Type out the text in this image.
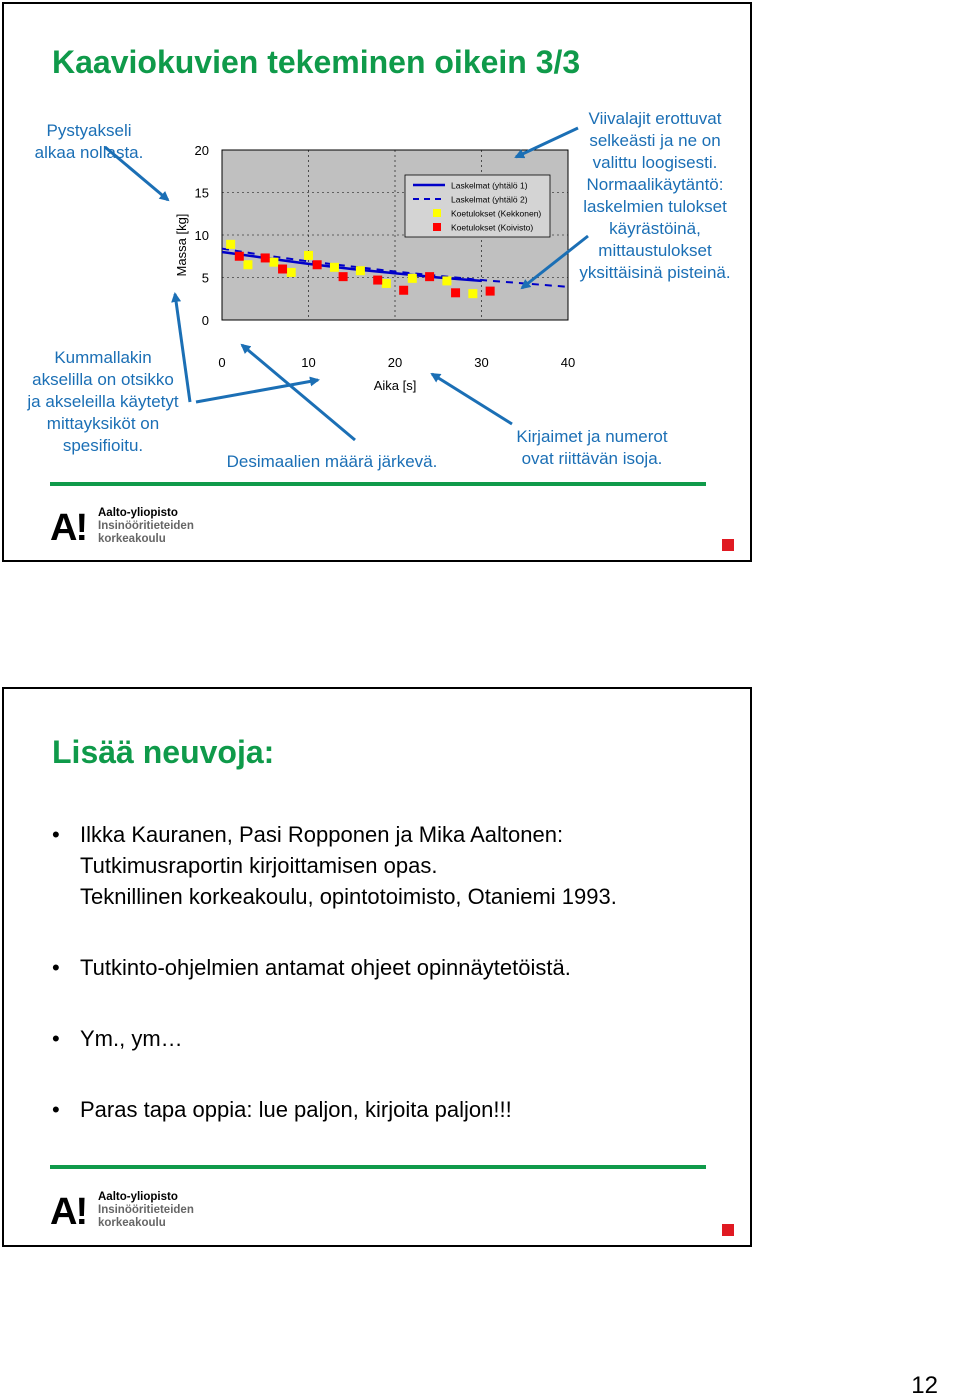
Kaaviokuvien tekeminen oikein 3/3
Pystyakseli
alkaa nollasta.
Kummallakin
akselilla on otsikko
ja akseleilla käytetyt
mittayksiköt on
spesifioitu.
Desimaalien määrä järkevä.
Kirjaimet ja numerot
ovat riittävän isoja.
Viivalajit erottuvat
selkeästi ja ne on
valittu loogisesti.
Normaalikäytäntö:
laskelmien tulokset
käyrästöinä,
mittaustulokset
yksittäisinä pisteinä.
A! Aalto-yliopisto
Insinööritieteiden
korkeakoulu
0	10	20	30	40
0
5
10
15
20
Aika [s]
Massa [kg]
Laskelmat (yhtälö 1)
Laskelmat (yhtälö 2)
Koetulokset (Kekkonen)
Koetulokset (Koivisto)
Lisää neuvoja:
• Ilkka Kauranen, Pasi Ropponen ja Mika Aaltonen:
Tutkimusraportin kirjoittamisen opas.
Teknillinen korkeakoulu, opintotoimisto, Otaniemi 1993.
• Tutkinto-ohjelmien antamat ohjeet opinnäytetöistä.
• Ym., ym…
• Paras tapa oppia: lue paljon, kirjoita paljon!!!
A! Aalto-yliopisto
Insinööritieteiden
korkeakoulu
12
